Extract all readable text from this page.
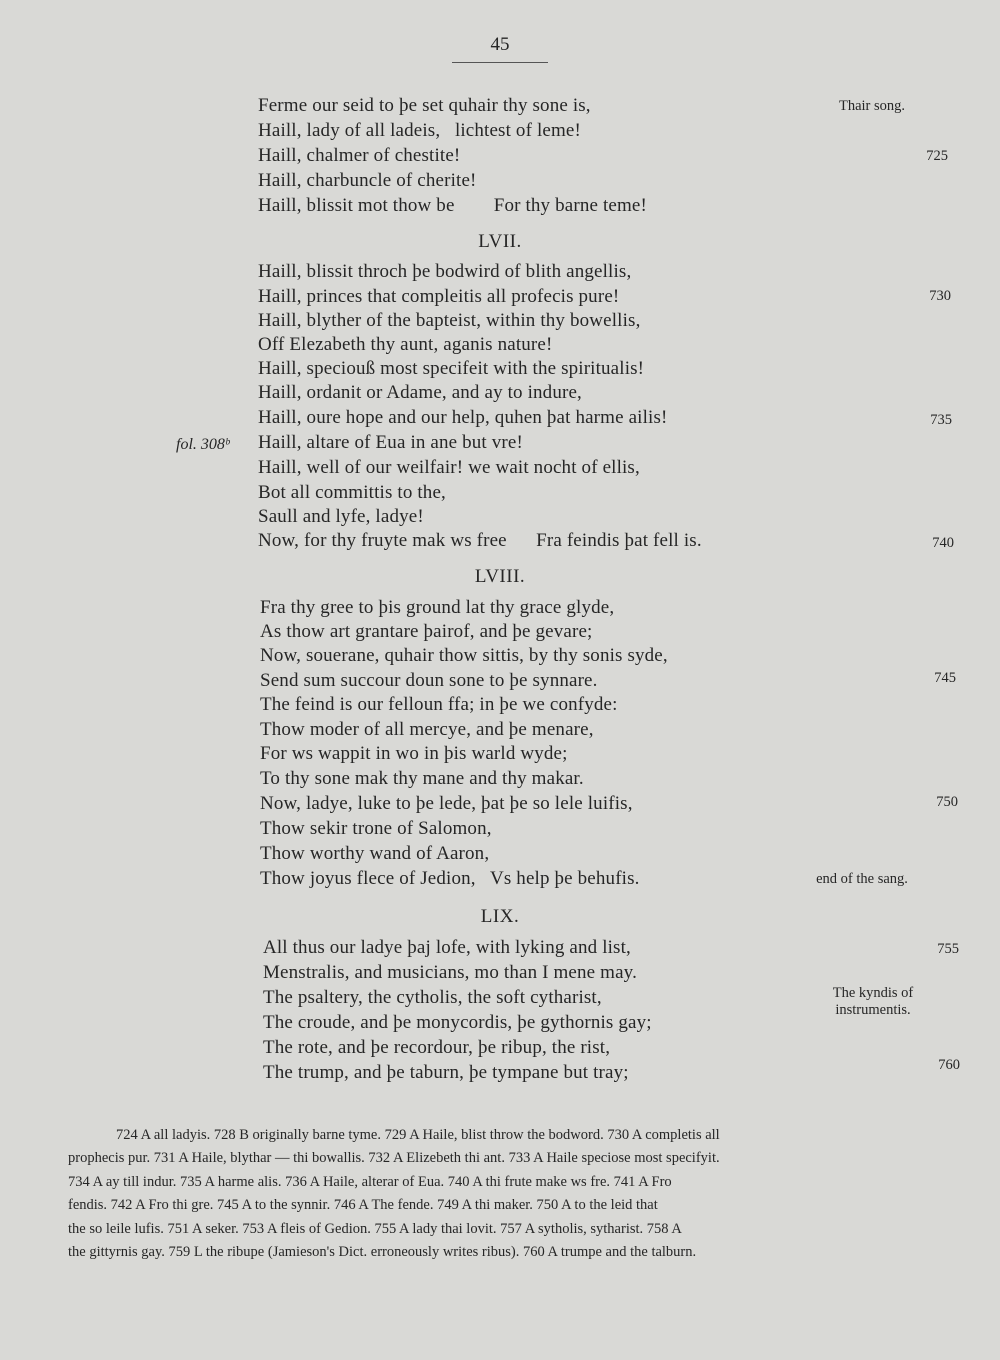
45
Ferme our seid to þe set quhair thy sone is,
Haill, lady of all ladeis,   lichtest of leme!
Haill, chalmer of chestite!
Haill, charbuncle of cherite!
Haill, blissit mot thow be        For thy barne teme!
LVII.
Haill, blissit throch þe bodwird of blith angellis,
Haill, princes that compleitis all profecis pure!
Haill, blyther of the bapteist, within thy bowellis,
Off Elezabeth thy aunt, aganis nature!
Haill, speciouß most specifeit with the spiritualis!
Haill, ordanit or Adame, and ay to indure,
Haill, oure hope and our help, quhen þat harme ailis!
Haill, altare of Eua in ane but vre!
Haill, well of our weilfair! we wait nocht of ellis,
Bot all committis to the,
Saull and lyfe, ladye!
Now, for thy fruyte mak ws free      Fra feindis þat fell is.
LVIII.
Fra thy gree to þis ground lat thy grace glyde,
As thow art grantare þairof, and þe gevare;
Now, souerane, quhair thow sittis, by thy sonis syde,
Send sum succour doun sone to þe synnare.
The feind is our felloun ffa; in þe we confyde:
Thow moder of all mercye, and þe menare,
For ws wappit in wo in þis warld wyde;
To thy sone mak thy mane and thy makar.
Now, ladye, luke to þe lede, þat þe so lele luifis,
Thow sekir trone of Salomon,
Thow worthy wand of Aaron,
Thow joyus flece of Jedion,   Vs help þe behufis.
LIX.
All thus our ladye þaj lofe, with lyking and list,
Menstralis, and musicians, mo than I mene may.
The psaltery, the cytholis, the soft cytharist,
The croude, and þe monycordis, þe gythornis gay;
The rote, and þe recordour, þe ribup, the rist,
The trump, and þe taburn, þe tympane but tray;
fol. 308ᵇ
Thair song.
end of the sang.
The kyndis of
instrumentis.
725
730
735
740
745
750
755
760
724 A all ladyis. 728 B originally barne tyme. 729 A Haile, blist throw the bodword. 730 A completis all
prophecis pur. 731 A Haile, blythar — thi bowallis. 732 A Elizebeth thi ant. 733 A Haile speciose most specifyit.
734 A ay till indur. 735 A harme alis. 736 A Haile, alterar of Eua. 740 A thi frute make ws fre. 741 A Fro
fendis. 742 A Fro thi gre. 745 A to the synnir. 746 A The fende. 749 A thi maker. 750 A to the leid that
the so leile lufis. 751 A seker. 753 A fleis of Gedion. 755 A lady thai lovit. 757 A sytholis, sytharist. 758 A
the gittyrnis gay. 759 L the ribupe (Jamieson's Dict. erroneously writes ribus). 760 A trumpe and the talburn.
